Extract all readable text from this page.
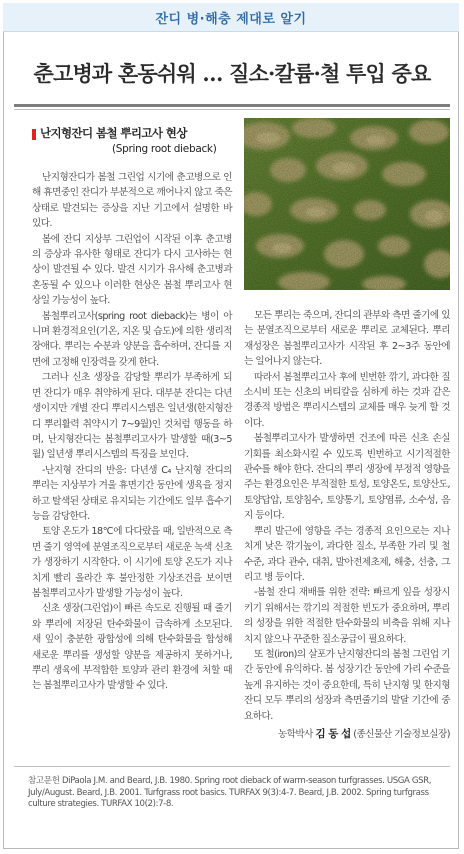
잔디 병·해충 제대로 알기
춘고병과 혼동쉬워 … 질소·칼륨·철 투입 중요
난지형잔디 봄철 뿌리고사 현상
(Spring root dieback)

난지형잔디가 봄철 그린업 시기에 춘고병으로 인해 휴면중인 잔디가 부분적으로 깨어나지 않고 죽은 상태로 발견되는 증상을 지난 기고에서 설명한 바 있다.

봄에 잔디 지상부 그린업이 시작된 이후 춘고병의 증상과 유사한 형태로 잔디가 다시 고사하는 현상이 발견될 수 있다. 발견 시기가 유사해 춘고병과 혼동될 수 있으나 이러한 현상은 봄철 뿌리고사 현상일 가능성이 높다.

봄철뿌리고사(spring root dieback)는 병이 아니며 환경적요인(기온, 지온 및 습도)에 의한 생리적 장애다. 뿌리는 수분과 양분을 흡수하며, 잔디를 지면에 고정해 인장력을 갖게 한다.

그러나 신초 생장을 감당할 뿌리가 부족하게 되면 잔디가 매우 취약하게 된다. 대부분 잔디는 다년생이지만 개별 잔디 뿌리시스템은 일년생(한지형잔디 뿌리활력 취약시기 7~9월)인 것처럼 행동을 하며, 난지형잔디는 봄철뿌리고사가 발생할 때(3~5월) 일년생 뿌리시스템의 특징을 보인다.

-난지형 잔디의 반응: 다년생 C₄ 난지형 잔디의 뿌리는 지상부가 겨울 휴면기간 동안에 생육을 정지하고 탈색된 상태로 유지되는 기간에도 일부 흡수기능을 감당한다.

토양 온도가 18℃에 다다랐을 때, 일반적으로 측면 줄기 영역에 분열조직으로부터 새로운 녹색 신초가 생장하기 시작한다. 이 시기에 토양 온도가 지나치게 빨리 올라간 후 불안정한 기상조건을 보이면 봄철뿌리고사가 발생할 가능성이 높다.

신초 생장(그린업)이 빠른 속도로 진행될 때 줄기와 뿌리에 저장된 탄수화물이 급속하게 소모된다. 새 잎이 충분한 광합성에 의해 탄수화물을 합성해 새로운 뿌리를 생성할 양분을 제공하지 못하거나, 뿌리 생육에 부적합한 토양과 관리 환경에 처할 때는 봄철뿌리고사가 발생할 수 있다.

모든 뿌리는 죽으며, 잔디의 관부와 측면 줄기에 있는 분열조직으로부터 새로운 뿌리로 교체된다. 뿌리 재성장은 봄철뿌리고사가 시작된 후 2~3주 동안에는 일어나지 않는다.

따라서 봄철뿌리고사 후에 빈번한 깎기, 과다한 질소시비 또는 신초의 버티칼을 심하게 하는 것과 같은 경종적 방법은 뿌리시스템의 교체를 매우 늦게 할 것이다.

봄철뿌리고사가 발생하면 건조에 따른 신초 손실 기회를 최소화시킬 수 있도록 빈번하고 시기적절한 관수를 해야 한다. 잔디의 뿌리 생장에 부정적 영향을 주는 환경요인은 부적절한 토성, 토양온도, 토양산도, 토양답압, 토양침수, 토양통기, 토양염류, 소수성, 음지 등이다.

뿌리 발근에 영향을 주는 경종적 요인으로는 지나치게 낮은 깎기높이, 과다한 질소, 부족한 가리 및 철 수준, 과다 관수, 대취, 발아전제초제, 해충, 선충, 그리고 병 등이다.

-봄철 잔디 재배를 위한 전략: 빠르게 잎을 성장시키기 위해서는 깎기의 적절한 빈도가 중요하며, 뿌리의 성장을 위한 적절한 탄수화물의 비축을 위해 지나치지 않으나 꾸준한 질소공급이 필요하다.

또 철(iron)의 살포가 난지형잔디의 봄철 그린업 기간 동안에 유익하다. 봄 성장기간 동안에 가리 수준을 높게 유지하는 것이 중요한데, 특히 난지형 및 한지형 잔디 모두 뿌리의 성장과 측면줄기의 발달 기간에 중요하다.

농학박사 김 동 섭 (종신물산 기술정보실장)
참고문헌 DiPaola J.M. and Beard, J.B. 1980. Spring root dieback of warm-season turfgrasses. USGA GSR, July/August. Beard, J.B. 2001. Turfgrass root basics. TURFAX 9(3):4-7. Beard, J.B. 2002. Spring turfgrass culture strategies. TURFAX 10(2):7-8.
